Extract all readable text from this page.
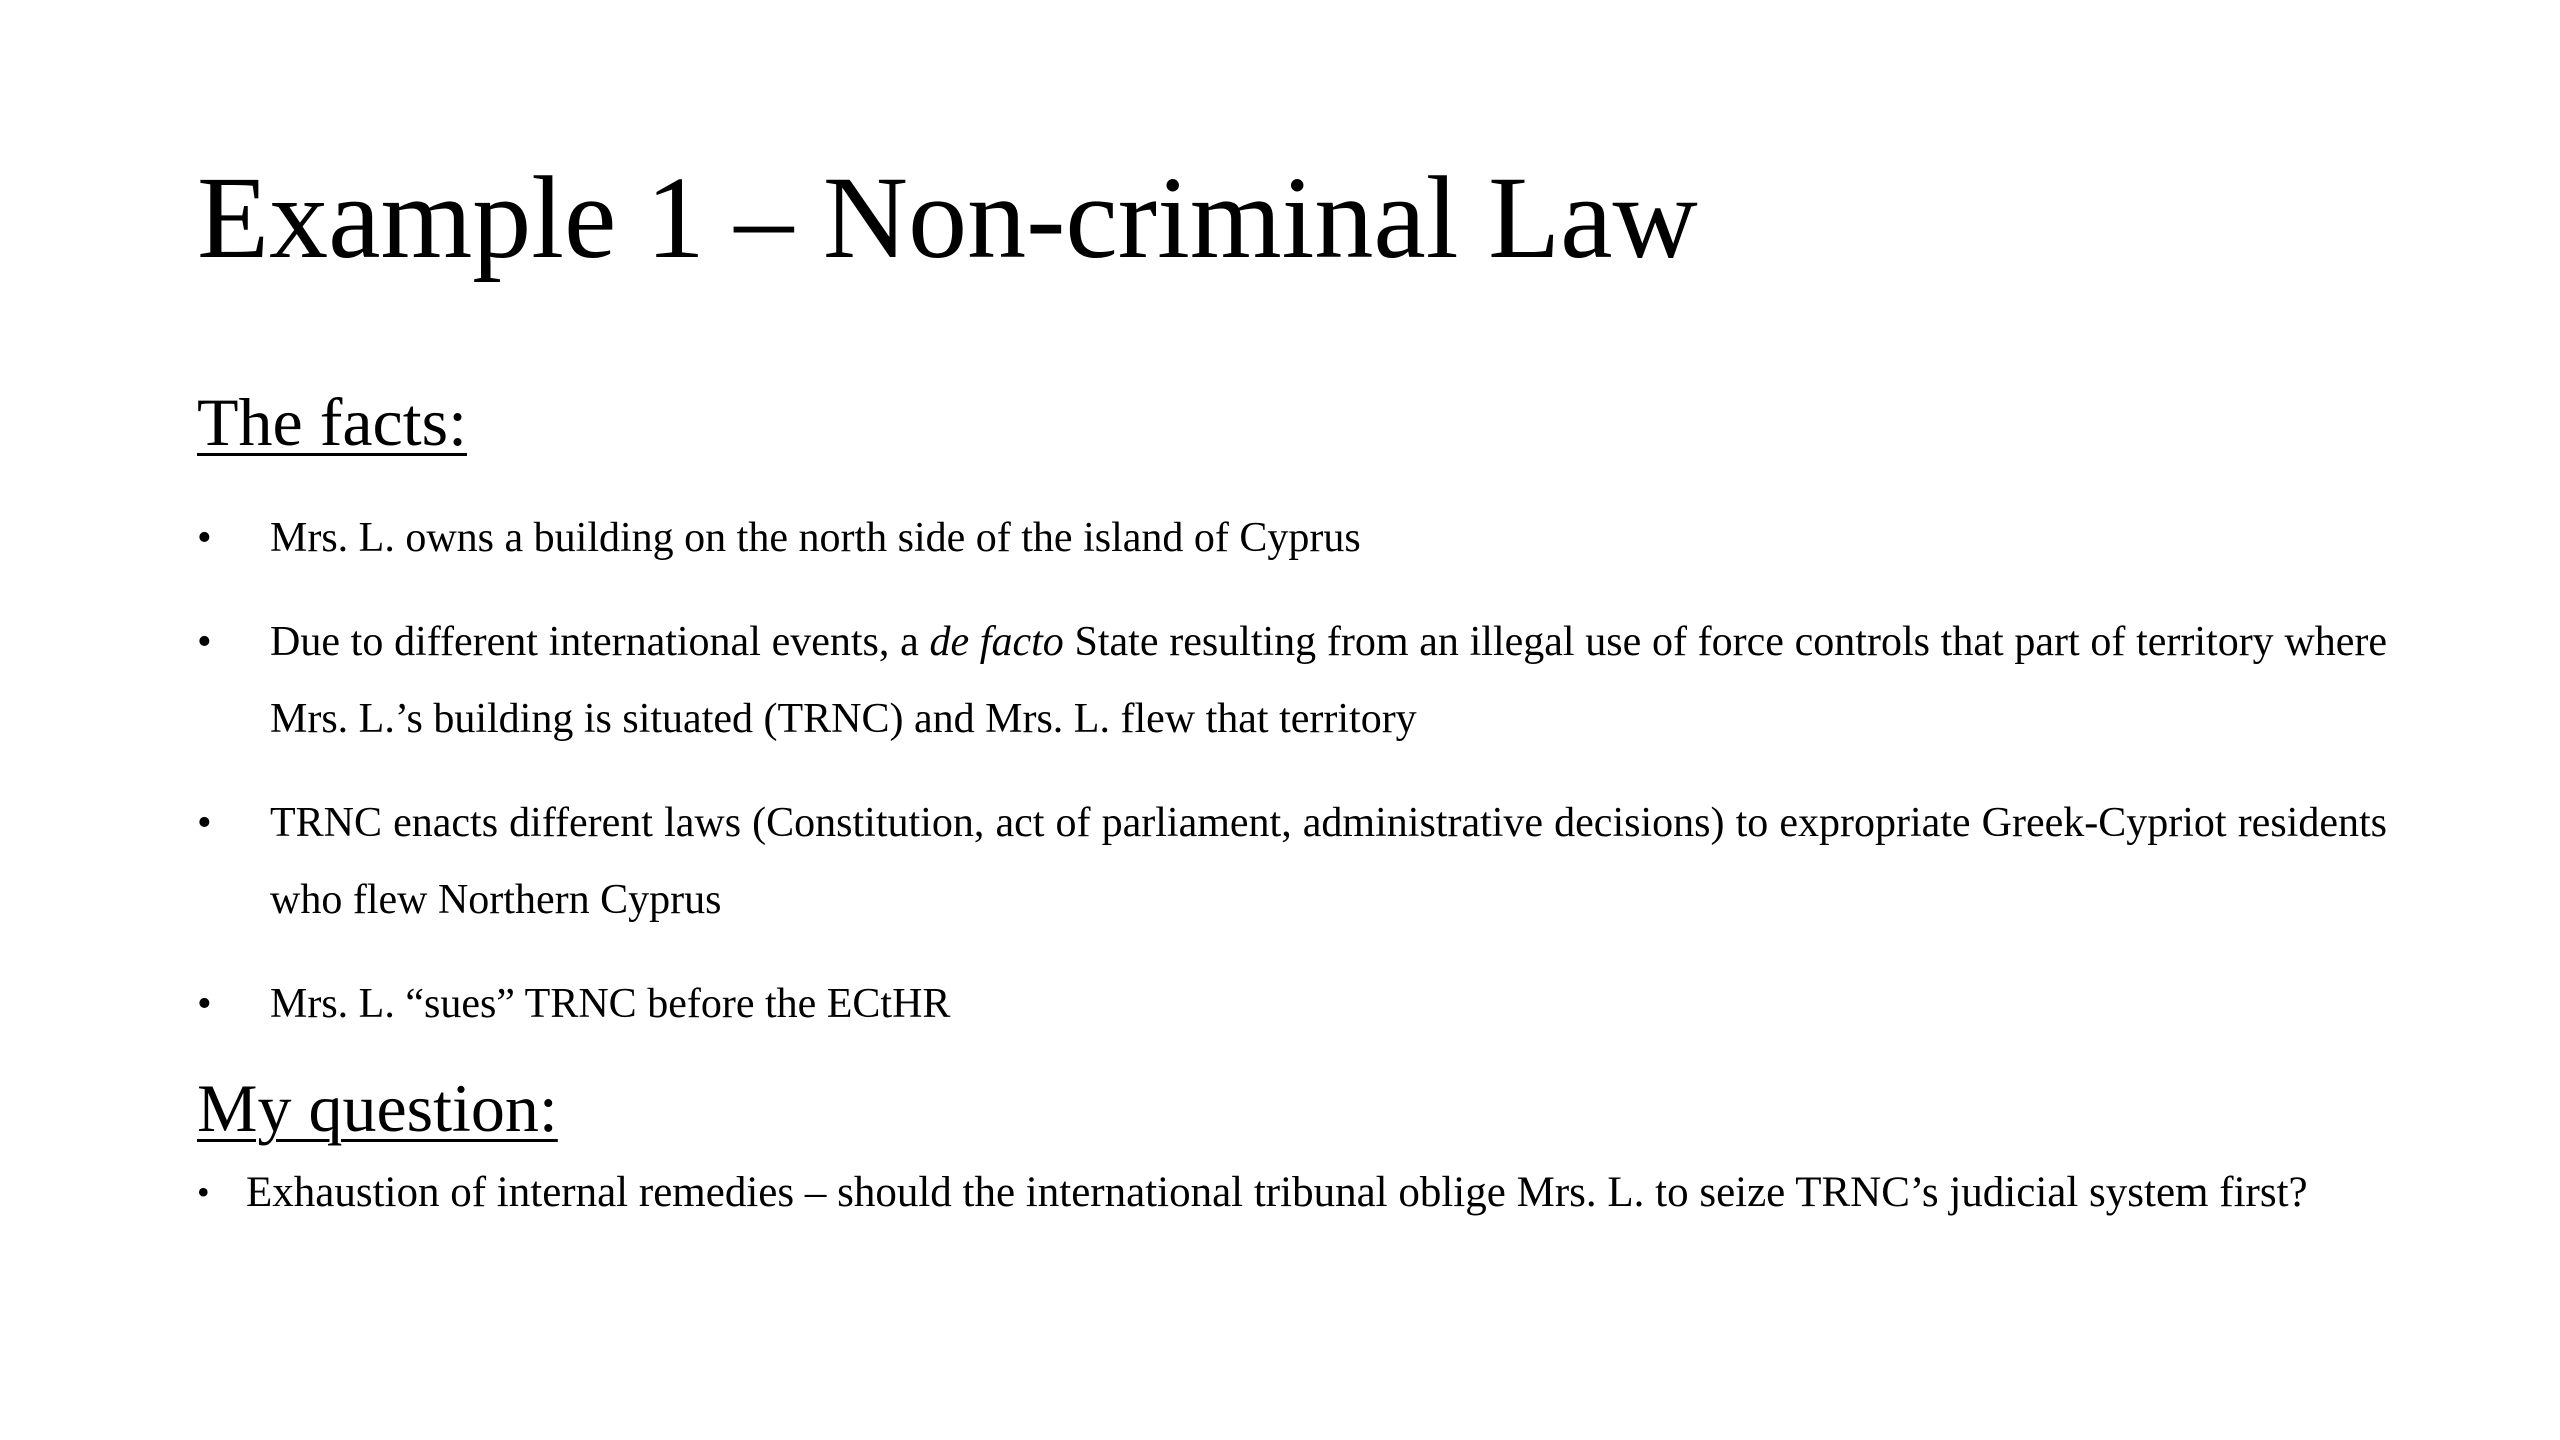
Example 1 – Non-criminal Law
The facts:
• Mrs. L. owns a building on the north side of the island of Cyprus
• Due to different international events, a de facto State resulting from an illegal use of force controls that part of territory where Mrs. L.’s building is situated (TRNC) and Mrs. L. flew that territory
• TRNC enacts different laws (Constitution, act of parliament, administrative decisions) to expropriate Greek-Cypriot residents who flew Northern Cyprus
• Mrs. L. “sues” TRNC before the ECtHR
My question:
• Exhaustion of internal remedies – should the international tribunal oblige Mrs. L. to seize TRNC’s judicial system first?
